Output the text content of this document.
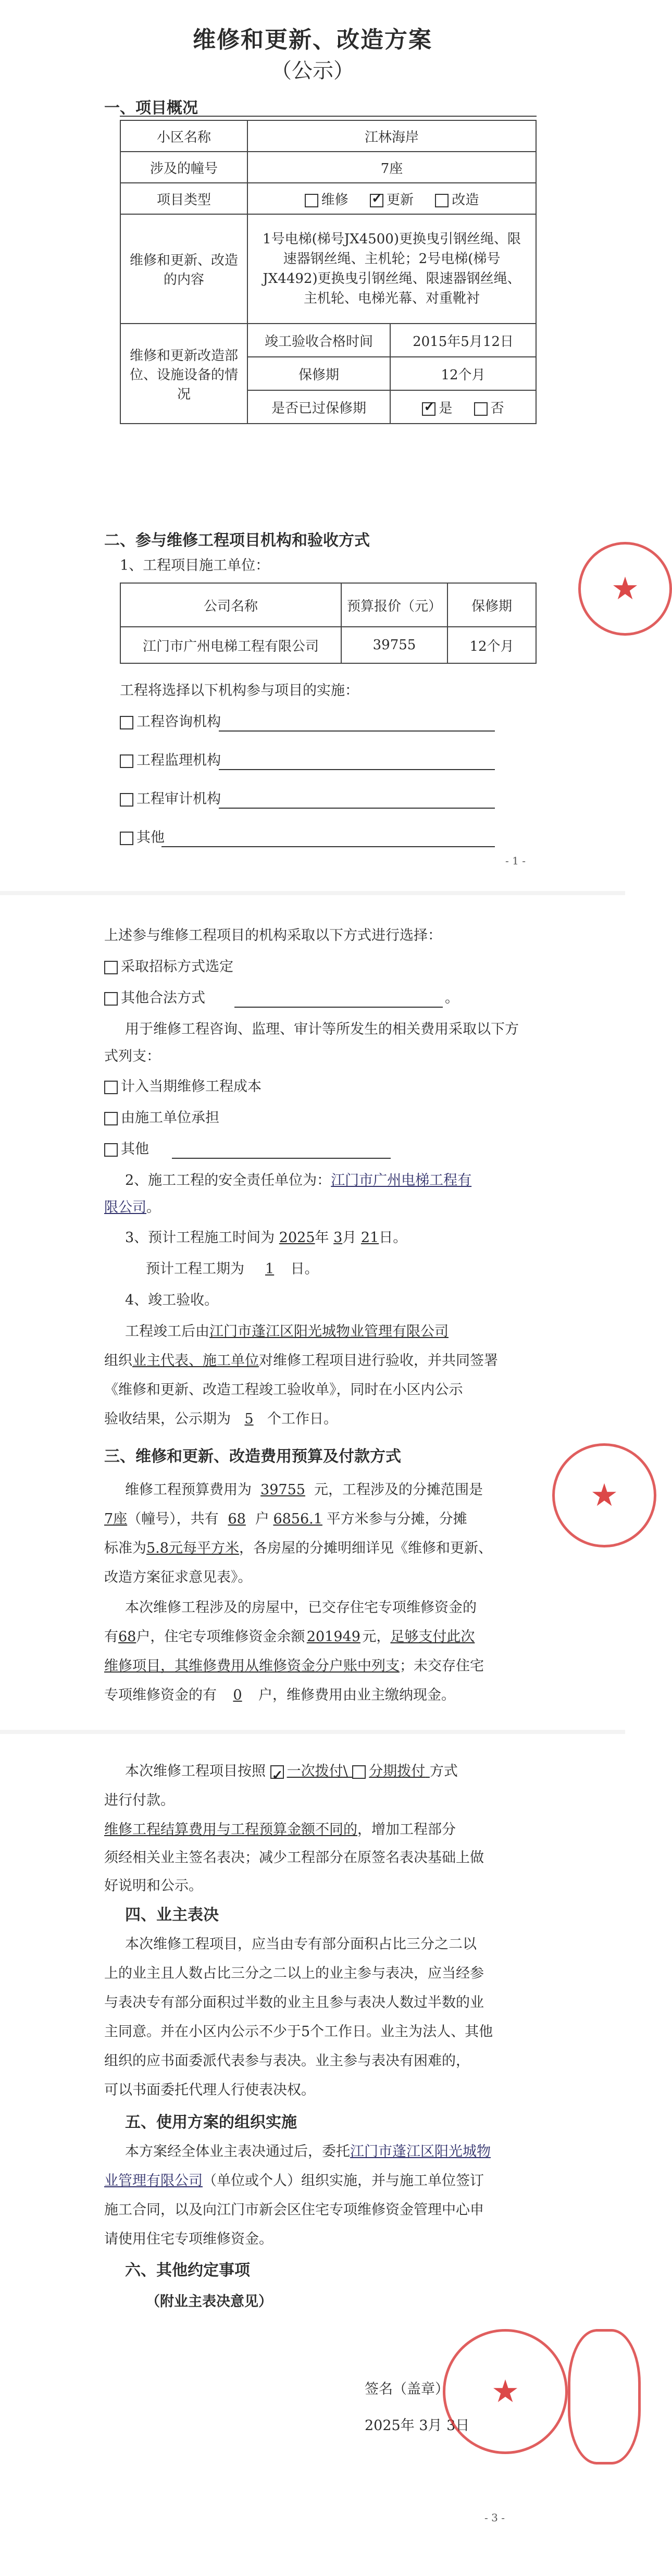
维修和更新、改造方案
（公示）
一、项目概况
小区名称	江林海岸	
涉及的幢号	7座	
项目类型	维修 ✓ 更新 改造
维修和更新、改造的内容	1号电梯(梯号JX4500)更换曳引钢丝绳、限速器钢丝绳、主机轮；2号电梯(梯号JX4492)更换曳引钢丝绳、限速器钢丝绳、主机轮、电梯光幕、对重靴衬	
维修和更新改造部位、设施设备的情况	竣工验收合格时间	2015年5月12日
	保修期	12个月
	是否已过保修期	✓是 否
二、参与维修工程项目机构和验收方式
1、工程项目施工单位：
公司名称	预算报价（元）	保修期
江门市广州电梯工程有限公司	39755	12个月
工程将选择以下机构参与项目的实施：
工程咨询机构
工程监理机构
工程审计机构
其他
- 1 -
★
上述参与维修工程项目的机构采取以下方式进行选择：
采取招标方式选定
其他合法方式	。
用于维修工程咨询、监理、审计等所发生的相关费用采取以下方式列支：
计入当期维修工程成本
由施工单位承担
其他
2、施工工程的安全责任单位为：江门市广州电梯工程有
限公司。
3、预计工程施工时间为 2025年 3月 21日。
预计工程工期为 1 日。
4、竣工验收。
工程竣工后由江门市蓬江区阳光城物业管理有限公司
组织业主代表、施工单位对维修工程项目进行验收，并共同签署
《维修和更新、改造工程竣工验收单》，同时在小区内公示
验收结果，公示期为 5 个工作日。
三、维修和更新、改造费用预算及付款方式
维修工程预算费用为 39755 元，工程涉及的分摊范围是
7座（幢号），共有 68 户 6856.1 平方米参与分摊，分摊
标准为5.8元每平方米，各房屋的分摊明细详见《维修和更新、
改造方案征求意见表》。
本次维修工程涉及的房屋中，已交存住宅专项维修资金的
有68户，住宅专项维修资金余额 201949 元，足够支付此次
维修项目，其维修费用从维修资金分户账中列支；未交存住宅
专项维修资金的有 0 户，维修费用由业主缴纳现金。
★
本次维修工程项目按照 ✓ 一次拨付\ 分期拨付 方式
进行付款。
维修工程结算费用与工程预算金额不同的，增加工程部分
须经相关业主签名表决；减少工程部分在原签名表决基础上做
好说明和公示。
四、业主表决
本次维修工程项目，应当由专有部分面积占比三分之二以
上的业主且人数占比三分之二以上的业主参与表决，应当经参
与表决专有部分面积过半数的业主且参与表决人数过半数的业
主同意。并在小区内公示不少于5个工作日。业主为法人、其他
组织的应书面委派代表参与表决。业主参与表决有困难的，
可以书面委托代理人行使表决权。
五、使用方案的组织实施
本方案经全体业主表决通过后，委托江门市蓬江区阳光城物
业管理有限公司（单位或个人）组织实施，并与施工单位签订
施工合同，以及向江门市新会区住宅专项维修资金管理中心申
请使用住宅专项维修资金。
六、其他约定事项
（附业主表决意见）
签名（盖章）
2025年 3月 3日
★
- 3 -
